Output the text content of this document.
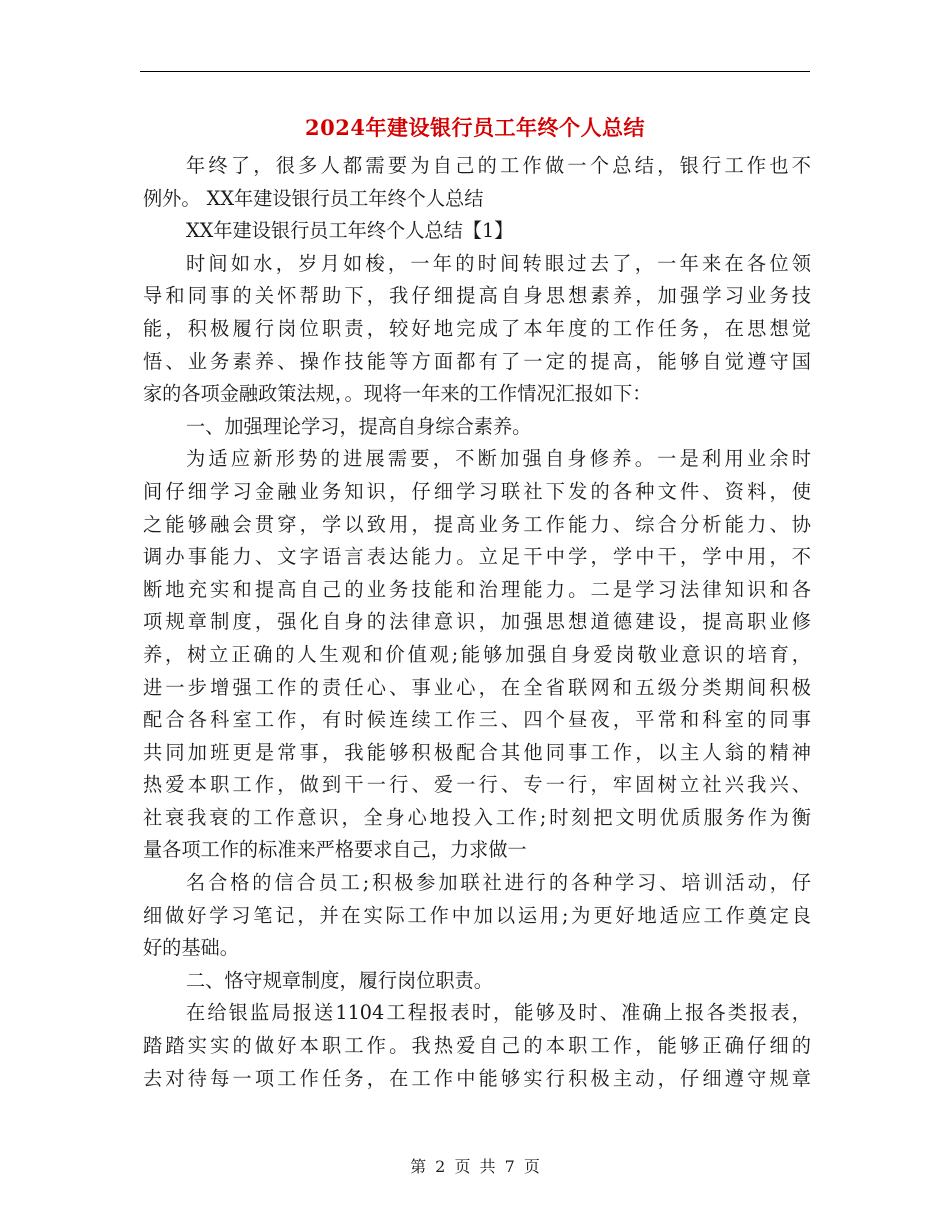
2024年建设银行员工年终个人总结
年终了，很多人都需要为自己的工作做一个总结，银行工作也不
例外。 XX年建设银行员工年终个人总结
XX年建设银行员工年终个人总结【1】
时间如水，岁月如梭，一年的时间转眼过去了，一年来在各位领
导和同事的关怀帮助下，我仔细提高自身思想素养，加强学习业务技
能，积极履行岗位职责，较好地完成了本年度的工作任务，在思想觉
悟、业务素养、操作技能等方面都有了一定的提高，能够自觉遵守国
家的各项金融政策法规，。现将一年来的工作情况汇报如下：
一、加强理论学习，提高自身综合素养。
为适应新形势的进展需要，不断加强自身修养。一是利用业余时
间仔细学习金融业务知识，仔细学习联社下发的各种文件、资料，使
之能够融会贯穿，学以致用，提高业务工作能力、综合分析能力、协
调办事能力、文字语言表达能力。立足干中学，学中干，学中用，不
断地充实和提高自己的业务技能和治理能力。二是学习法律知识和各
项规章制度，强化自身的法律意识，加强思想道德建设，提高职业修
养，树立正确的人生观和价值观;能够加强自身爱岗敬业意识的培育，
进一步增强工作的责任心、事业心，在全省联网和五级分类期间积极
配合各科室工作，有时候连续工作三、四个昼夜，平常和科室的同事
共同加班更是常事，我能够积极配合其他同事工作，以主人翁的精神
热爱本职工作，做到干一行、爱一行、专一行，牢固树立社兴我兴、
社衰我衰的工作意识，全身心地投入工作;时刻把文明优质服务作为衡
量各项工作的标准来严格要求自己，力求做一
名合格的信合员工;积极参加联社进行的各种学习、培训活动，仔
细做好学习笔记，并在实际工作中加以运用;为更好地适应工作奠定良
好的基础。
二、恪守规章制度，履行岗位职责。
在给银监局报送1104工程报表时，能够及时、准确上报各类报表，
踏踏实实的做好本职工作。我热爱自己的本职工作，能够正确仔细的
去对待每一项工作任务，在工作中能够实行积极主动，仔细遵守规章
第 2 页 共 7 页
